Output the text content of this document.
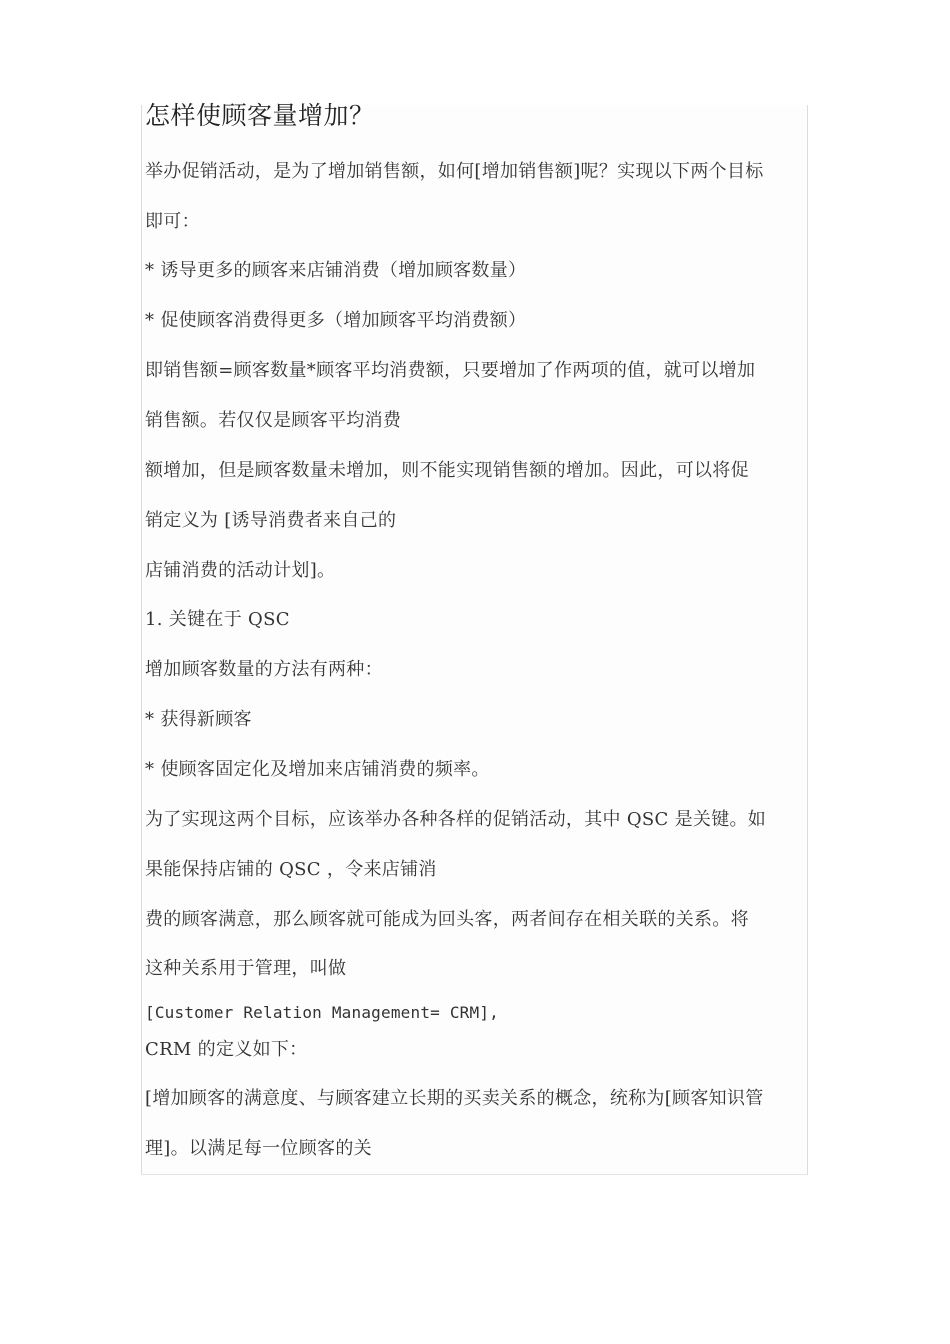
怎样使顾客量增加？
举办促销活动，是为了增加销售额，如何[增加销售额]呢？实现以下两个目标
即可：
* 诱导更多的顾客来店铺消费（增加顾客数量）
* 促使顾客消费得更多（增加顾客平均消费额）
即销售额=顾客数量*顾客平均消费额，只要增加了作两项的值，就可以增加
销售额。若仅仅是顾客平均消费
额增加，但是顾客数量未增加，则不能实现销售额的增加。因此，可以将促
销定义为 [诱导消费者来自己的
店铺消费的活动计划]。
1. 关键在于 QSC
增加顾客数量的方法有两种：
* 获得新顾客
* 使顾客固定化及增加来店铺消费的频率。
为了实现这两个目标，应该举办各种各样的促销活动，其中 QSC 是关键。如
果能保持店铺的 QSC ，令来店铺消
费的顾客满意，那么顾客就可能成为回头客，两者间存在相关联的关系。将
这种关系用于管理，叫做
[Customer Relation Management= CRM],
CRM 的定义如下：
[增加顾客的满意度、与顾客建立长期的买卖关系的概念，统称为[顾客知识管
理]。以满足每一位顾客的关
